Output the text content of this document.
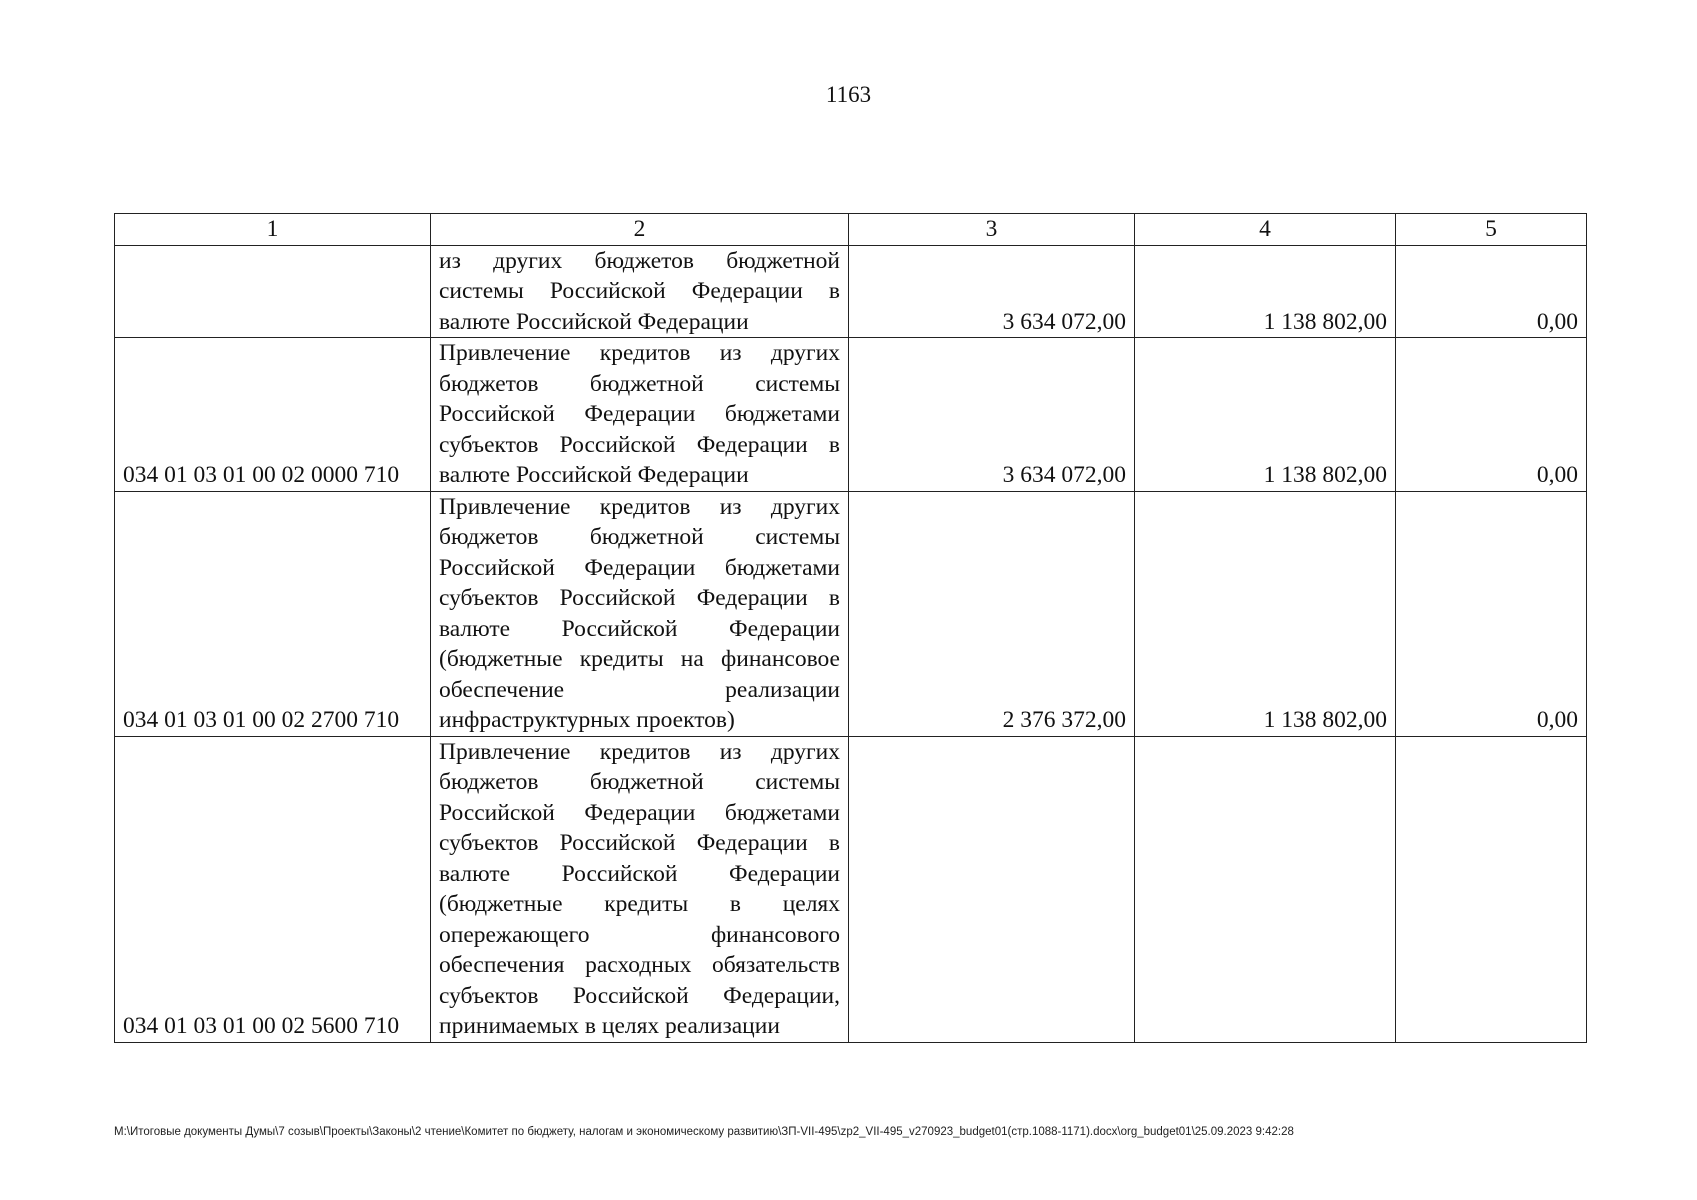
1163
1	2	3	4	5
	из других бюджетов бюджетной системы Российской Федерации в валюте Российской Федерации	3 634 072,00	1 138 802,00	0,00
034 01 03 01 00 02 0000 710	Привлечение кредитов из других бюджетов бюджетной системы Российской Федерации бюджетами субъектов Российской Федерации в валюте Российской Федерации	3 634 072,00	1 138 802,00	0,00
034 01 03 01 00 02 2700 710	Привлечение кредитов из других бюджетов бюджетной системы Российской Федерации бюджетами субъектов Российской Федерации в валюте Российской Федерации (бюджетные кредиты на финансовое обеспечение реализации инфраструктурных проектов)	2 376 372,00	1 138 802,00	0,00
034 01 03 01 00 02 5600 710	Привлечение кредитов из других бюджетов бюджетной системы Российской Федерации бюджетами субъектов Российской Федерации в валюте Российской Федерации (бюджетные кредиты в целях опережающего финансового обеспечения расходных обязательств субъектов Российской Федерации, принимаемых в целях реализации			
M:\Итоговые документы Думы\7 созыв\Проекты\Законы\2 чтение\Комитет по бюджету, налогам и экономическому развитию\ЗП-VII-495\zp2_VII-495_v270923_budget01(стр.1088-1171).docx\org_budget01\25.09.2023 9:42:28
